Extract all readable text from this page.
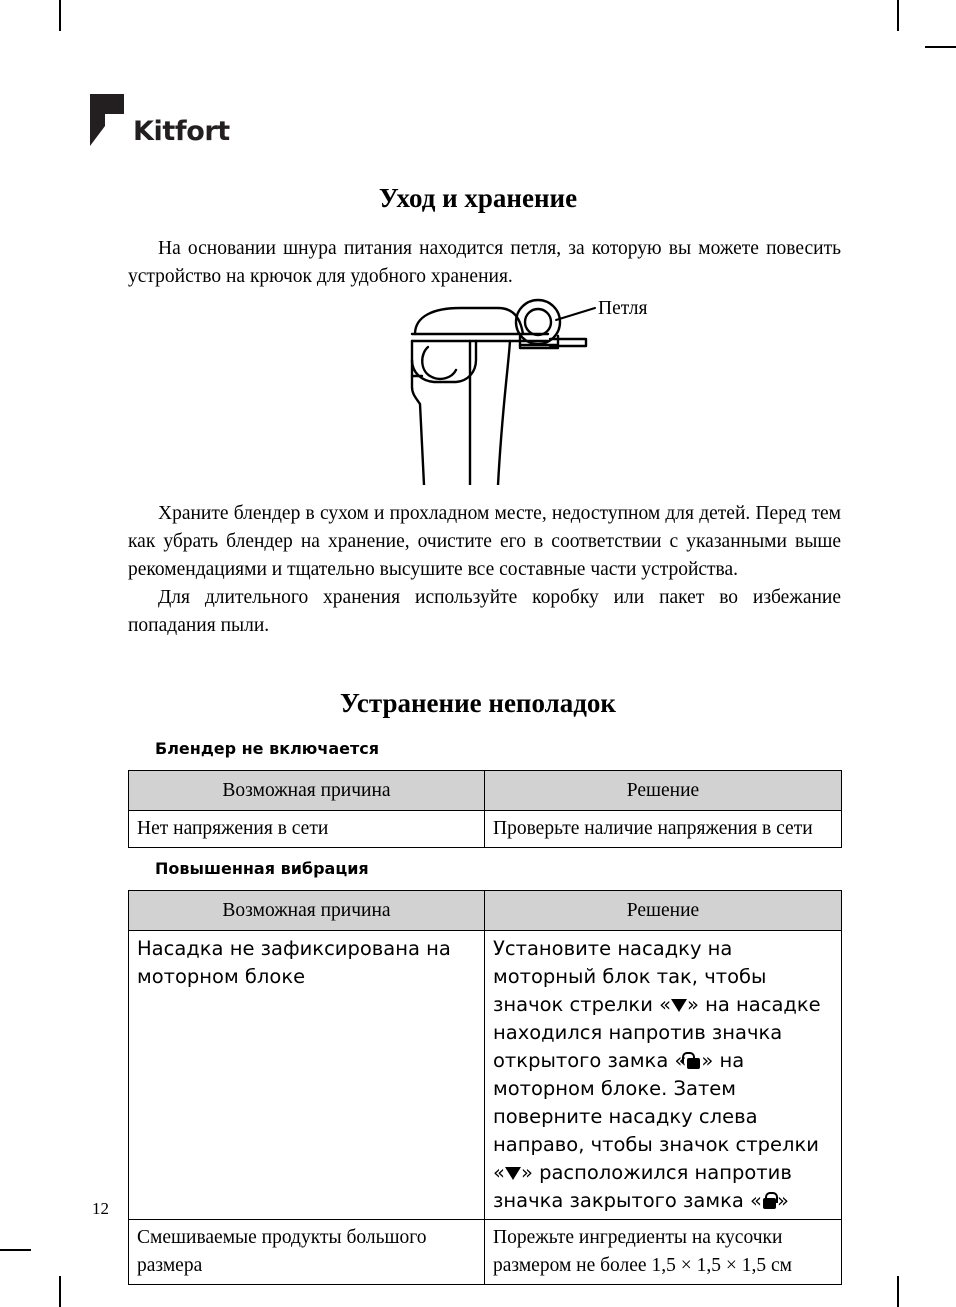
Kitfort
Уход и хранение
На основании шнура питания находится петля, за которую вы можете повесить устройство на крючок для удобного хранения.
Петля
Храните блендер в сухом и прохладном месте, недоступном для детей. Перед тем как убрать блендер на хранение, очистите его в соответствии с указанными выше рекомендациями и тщательно высушите все составные части устройства.
Для длительного хранения используйте коробку или пакет во избежание попадания пыли.
Устранение неполадок
Блендер не включается
Возможная причина	Решение
Нет напряжения в сети	Проверьте наличие напряжения в сети
Повышенная вибрация
Возможная причина	Решение
Насадка не зафиксирована на моторном блоке	Установите насадку на моторный блок так, чтобы значок стрелки « » на насадке находился напротив значка открытого замка « » на моторном блоке. Затем поверните насадку слева направо, чтобы значок стрелки « » расположился напротив значка закрытого замка « »
Смешиваемые продукты большого размера	Порежьте ингредиенты на кусочки размером не более 1,5 × 1,5 × 1,5 см
12
